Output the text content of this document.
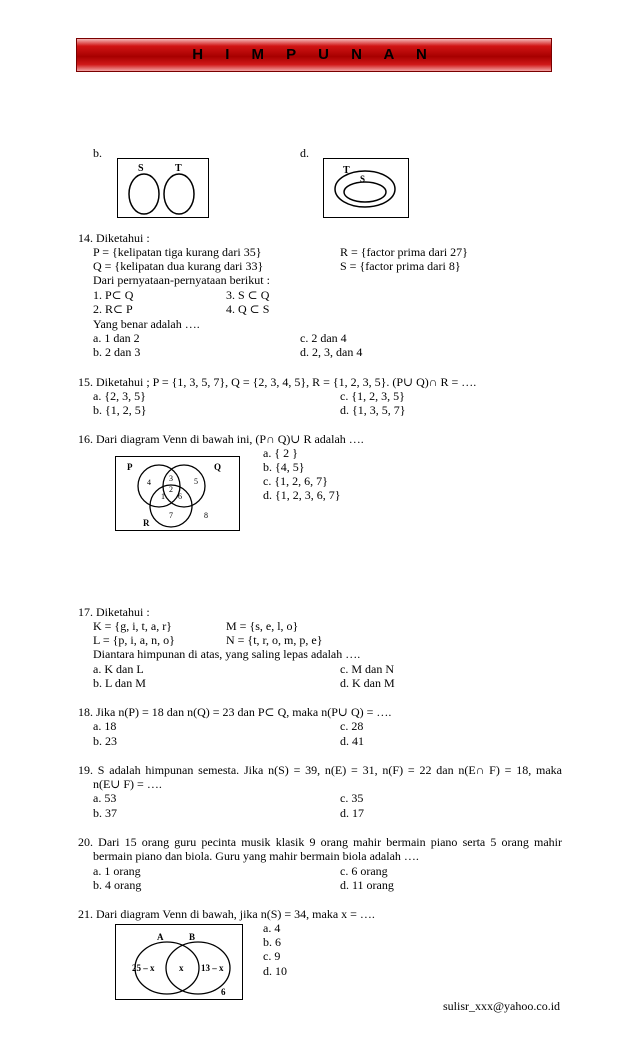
H I M P U N A N
b.
S	T
d.
T
S
14. Diketahui :
P = {kelipatan tiga kurang dari 35}	R = {factor prima dari 27}
Q = {kelipatan dua kurang dari 33}	S = {factor prima dari 8}
Dari pernyataan-pernyataan berikut :
1. P⊂ Q	3. S ⊂ Q
2. R⊂ P	4. Q ⊂ S
Yang benar adalah ….
a. 1 dan 2	c. 2 dan 4
b. 2 dan 3	d. 2, 3, dan 4
15. Diketahui ; P = {1, 3, 5, 7}, Q = {2, 3, 4, 5}, R = {1, 2, 3, 5}. (P∪ Q)∩ R = ….
a. {2, 3, 5}	c. {1, 2, 3, 5}
b. {1, 2, 5}	d. {1, 3, 5, 7}
16. Dari diagram Venn di bawah ini, (P∩ Q)∪ R adalah ….
a. { 2 }
b. {4, 5}
c. {1, 2, 6, 7}
d. {1, 2, 3, 6, 7}
P	Q
R
4 3	5
2
1 6
7	8
17. Diketahui :
K = {g, i, t, a, r}	M = {s, e, l, o}
L = {p, i, a, n, o}	N = {t, r, o, m, p, e}
Diantara himpunan di atas, yang saling lepas adalah ….
a. K dan L	c. M dan N
b. L dan M	d. K dan M
18. Jika n(P) = 18 dan n(Q) = 23 dan P⊂ Q, maka n(P∪ Q) = ….
a. 18	c. 28
b. 23	d. 41
19. S adalah himpunan semesta. Jika n(S) = 39, n(E) = 31, n(F) = 22 dan n(E∩ F) = 18, maka
n(E∪ F) = ….
a. 53	c. 35
b. 37	d. 17
20. Dari 15 orang guru pecinta musik klasik 9 orang mahir bermain piano serta 5 orang mahir
bermain piano dan biola. Guru yang mahir bermain biola adalah ….
a. 1 orang	c. 6 orang
b. 4 orang	d. 11 orang
21. Dari diagram Venn di bawah, jika n(S) = 34, maka x = ….
a. 4
b. 6
c. 9
d. 10
A	B
25 – x	x 13 – x
6
sulisr_xxx@yahoo.co.id
